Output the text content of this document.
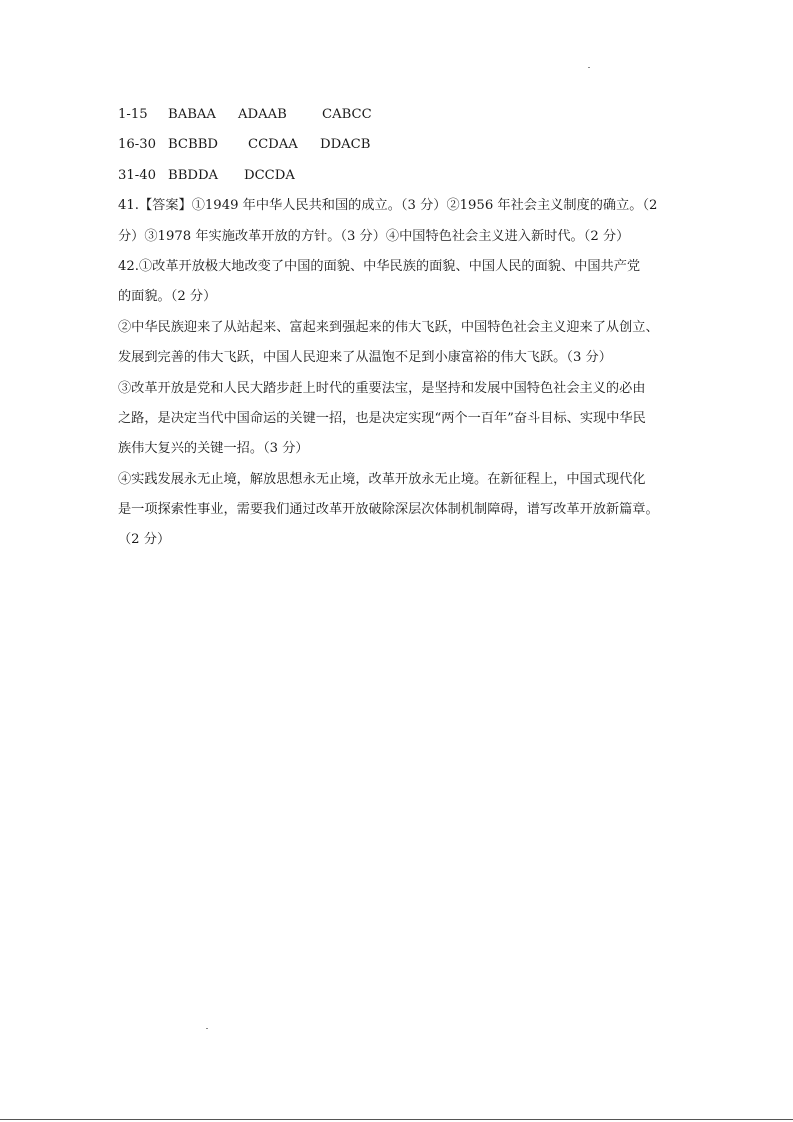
1-15 BABAA ADAAB	CABCC
16-30 BCBBD CCDAA DDACB
31-40 BBDDA DCCDA
41.【答案】①1949 年中华人民共和国的成立。（3 分）②1956 年社会主义制度的确立。（2
分）③1978 年实施改革开放的方针。（3 分）④中国特色社会主义进入新时代。（2 分）
42.①改革开放极大地改变了中国的面貌、中华民族的面貌、中国人民的面貌、中国共产党
的面貌。（2 分）
②中华民族迎来了从站起来、富起来到强起来的伟大飞跃，中国特色社会主义迎来了从创立、
发展到完善的伟大飞跃，中国人民迎来了从温饱不足到小康富裕的伟大飞跃。（3 分）
③改革开放是党和人民大踏步赶上时代的重要法宝，是坚持和发展中国特色社会主义的必由
之路，是决定当代中国命运的关键一招，也是决定实现“两个一百年”奋斗目标、实现中华民
族伟大复兴的关键一招。（3 分）
④实践发展永无止境，解放思想永无止境，改革开放永无止境。在新征程上，中国式现代化
是一项探索性事业，需要我们通过改革开放破除深层次体制机制障碍，谱写改革开放新篇章。
（2 分）
